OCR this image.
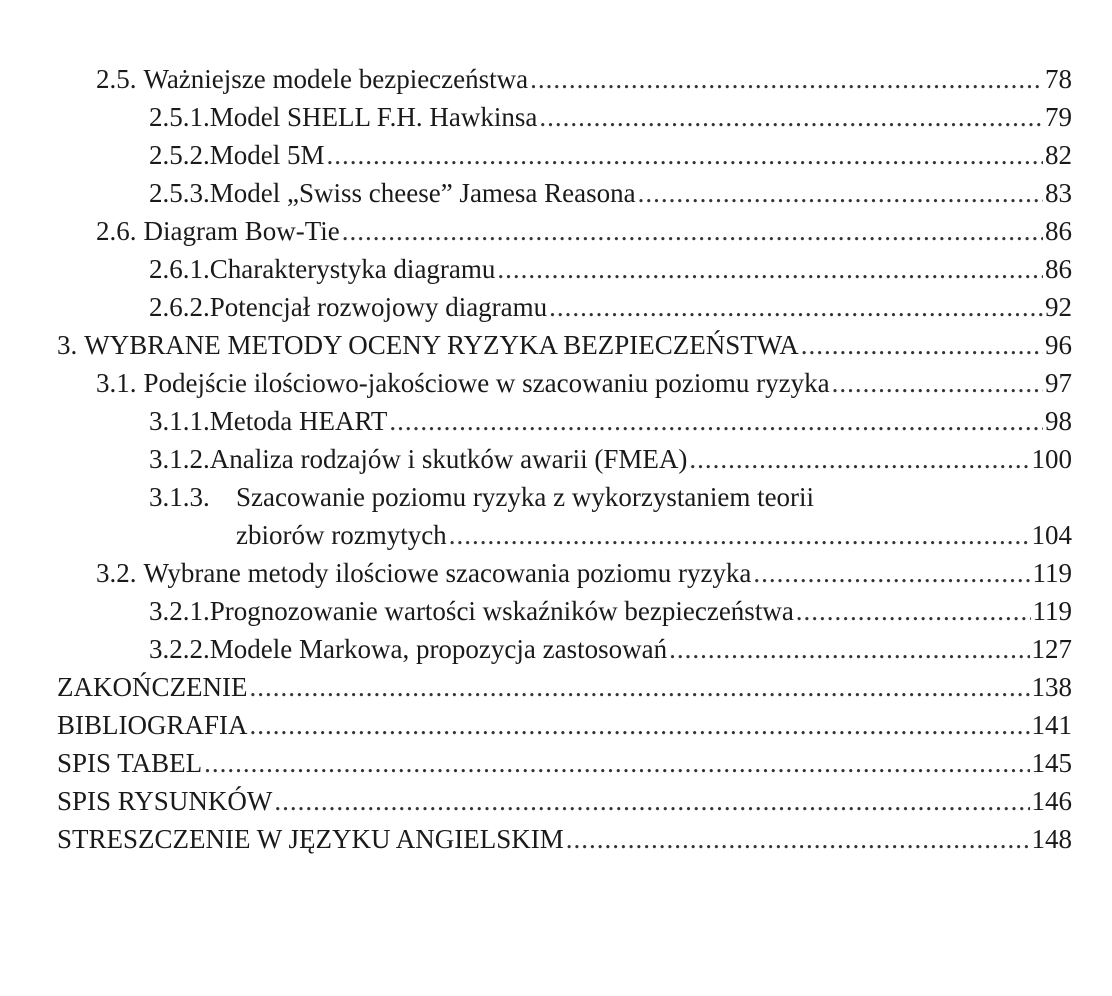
2.5. Ważniejsze modele bezpieczeństwa .....	78
2.5.1. Model SHELL F.H. Hawkinsa .....	79
2.5.2. Model 5M .....	82
2.5.3. Model „Swiss cheese” Jamesa Reasona .....	83
2.6. Diagram Bow-Tie .....	86
2.6.1. Charakterystyka diagramu .....	86
2.6.2. Potencjał rozwojowy diagramu .....	92
3. WYBRANE METODY OCENY RYZYKA BEZPIECZEŃSTWA .....	96
3.1. Podejście ilościowo-jakościowe w szacowaniu poziomu ryzyka .....	97
3.1.1. Metoda HEART .....	98
3.1.2. Analiza rodzajów i skutków awarii (FMEA) .....	100
3.1.3. Szacowanie poziomu ryzyka z wykorzystaniem teorii
zbiorów rozmytych .....	104
3.2. Wybrane metody ilościowe szacowania poziomu ryzyka .....	119
3.2.1. Prognozowanie wartości wskaźników bezpieczeństwa .....	119
3.2.2. Modele Markowa, propozycja zastosowań .....	127
ZAKOŃCZENIE .....	138
BIBLIOGRAFIA .....	141
SPIS TABEL .....	145
SPIS RYSUNKÓW .....	146
STRESZCZENIE W JĘZYKU ANGIELSKIM .....	148
